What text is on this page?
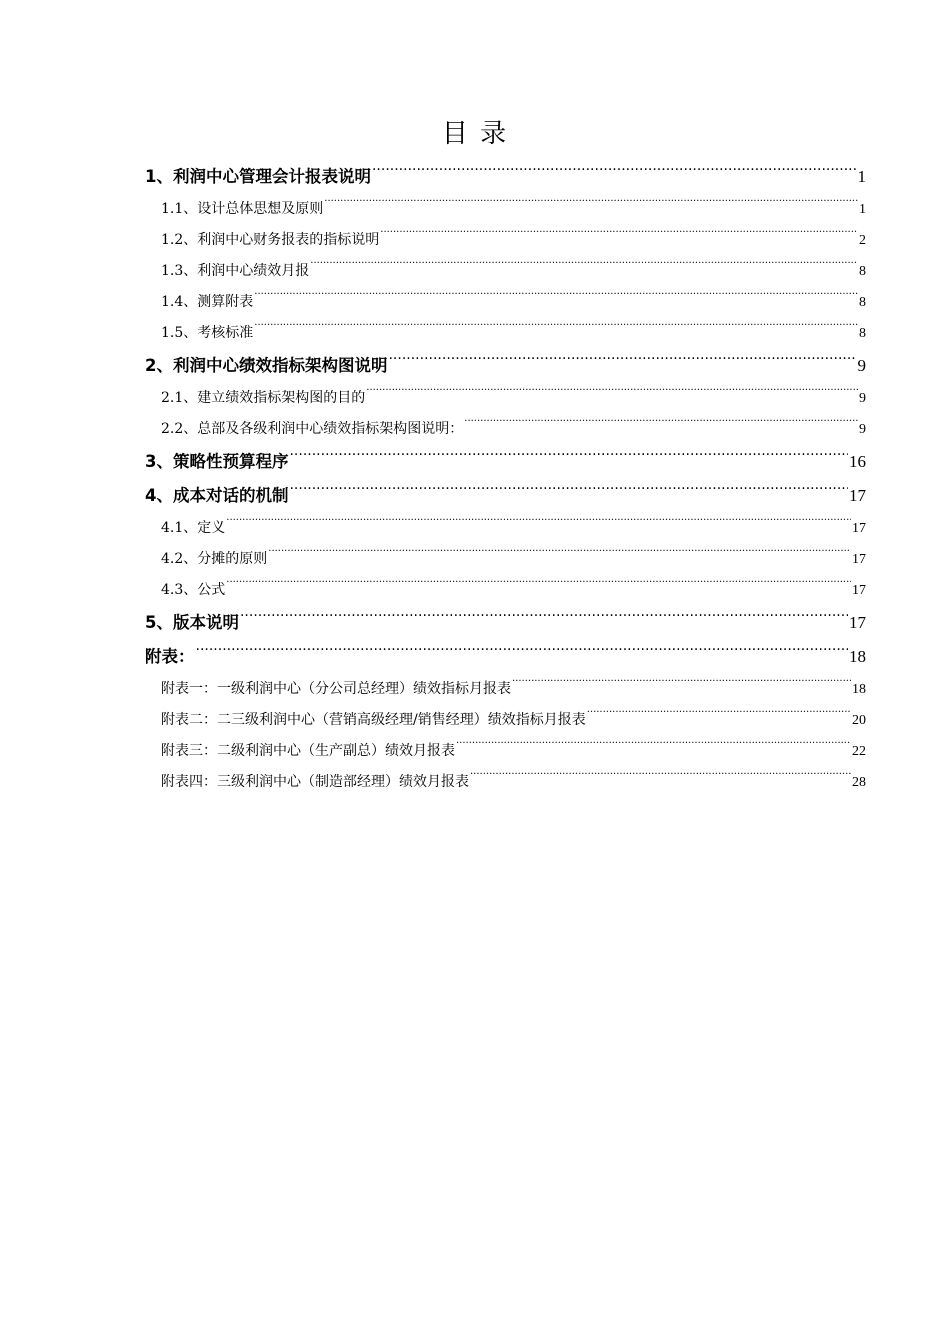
目 录
1、利润中心管理会计报表说明 .....	1
1.1、设计总体思想及原则 .....	1
1.2、利润中心财务报表的指标说明 .....	2
1.3、利润中心绩效月报 .....	8
1.4、测算附表 .....	8
1.5、考核标准 .....	8
2、利润中心绩效指标架构图说明 .....	9
2.1、建立绩效指标架构图的目的 .....	9
2.2、总部及各级利润中心绩效指标架构图说明： .....	9
3、策略性预算程序 .....	16
4、成本对话的机制 .....	17
4.1、定义 .....	17
4.2、分摊的原则 .....	17
4.3、公式 .....	17
5、版本说明 .....	17
附表： .....	18
附表一：一级利润中心（分公司总经理）绩效指标月报表 .....	18
附表二：二三级利润中心（营销高级经理/销售经理）绩效指标月报表 .....	20
附表三：二级利润中心（生产副总）绩效月报表 .....	22
附表四：三级利润中心（制造部经理）绩效月报表 .....	28
